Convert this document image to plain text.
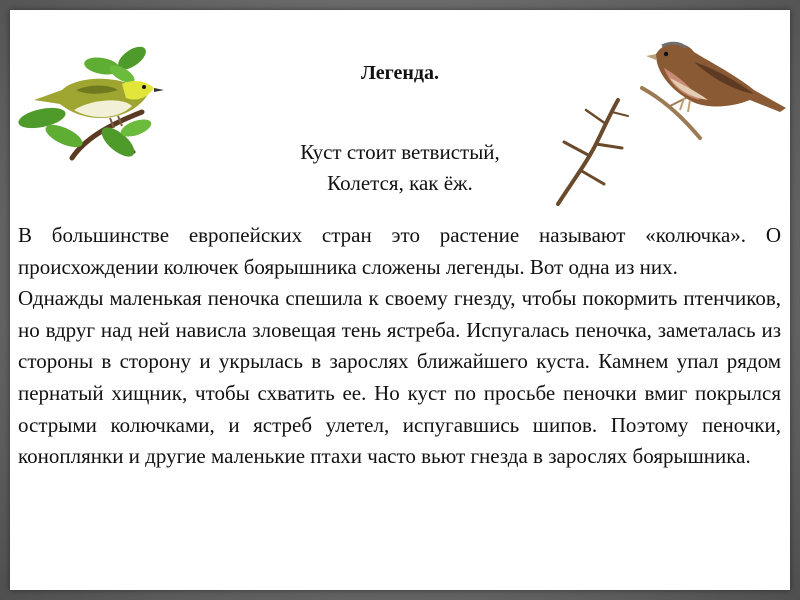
Легенда.
Куст стоит ветвистый,
Колется, как ёж.

В большинстве европейских стран это растение называют «колючка». О происхождении колючек боярышника сложены легенды. Вот одна из них.

Однажды маленькая пеночка спешила к своему гнезду, чтобы покормить птенчиков, но вдруг над ней нависла зловещая тень ястреба. Испугалась пеночка, заметалась из стороны в сторону и укрылась в зарослях ближайшего куста. Камнем упал рядом пернатый хищник, чтобы схватить ее. Но куст по просьбе пеночки вмиг покрылся острыми колючками, и ястреб улетел, испугавшись шипов. Поэтому пеночки, коноплянки и другие маленькие птахи часто вьют гнезда в зарослях боярышника.
